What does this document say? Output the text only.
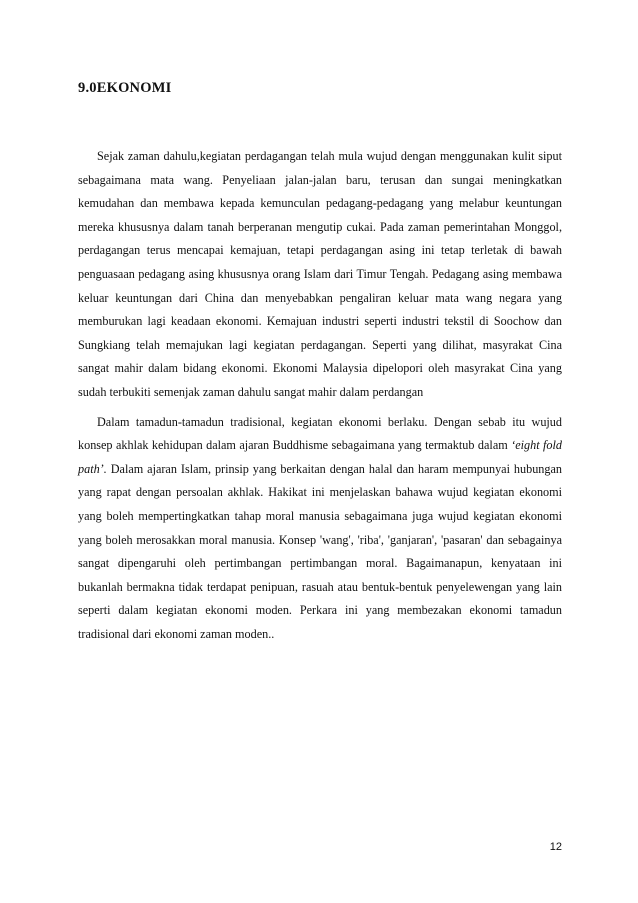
9.0EKONOMI

Sejak zaman dahulu,kegiatan perdagangan telah mula wujud dengan menggunakan kulit siput sebagaimana mata wang. Penyeliaan jalan-jalan baru, terusan dan sungai meningkatkan kemudahan dan membawa kepada kemunculan pedagang-pedagang yang melabur keuntungan mereka khususnya dalam tanah berperanan mengutip cukai. Pada zaman pemerintahan Monggol, perdagangan terus mencapai kemajuan, tetapi perdagangan asing ini tetap terletak di bawah penguasaan pedagang asing khususnya orang Islam dari Timur Tengah. Pedagang asing membawa keluar keuntungan dari China dan menyebabkan pengaliran keluar mata wang negara yang memburukan lagi keadaan ekonomi. Kemajuan industri seperti industri tekstil di Soochow dan Sungkiang telah memajukan lagi kegiatan perdagangan. Seperti yang dilihat, masyrakat Cina sangat mahir dalam bidang ekonomi. Ekonomi Malaysia dipelopori oleh masyrakat Cina yang sudah terbukiti semenjak zaman dahulu sangat mahir dalam perdangan

Dalam tamadun-tamadun tradisional, kegiatan ekonomi berlaku. Dengan sebab itu wujud konsep akhlak kehidupan dalam ajaran Buddhisme sebagaimana yang termaktub dalam ‘eight fold path’. Dalam ajaran Islam, prinsip yang berkaitan dengan halal dan haram mempunyai hubungan yang rapat dengan persoalan akhlak. Hakikat ini menjelaskan bahawa wujud kegiatan ekonomi yang boleh mempertingkatkan tahap moral manusia sebagaimana juga wujud kegiatan ekonomi yang boleh merosakkan moral manusia. Konsep 'wang', 'riba', 'ganjaran', 'pasaran' dan sebagainya sangat dipengaruhi oleh pertimbangan pertimbangan moral. Bagaimanapun, kenyataan ini bukanlah bermakna tidak terdapat penipuan, rasuah atau bentuk-bentuk penyelewengan yang lain seperti dalam kegiatan ekonomi moden. Perkara ini yang membezakan ekonomi tamadun tradisional dari ekonomi zaman moden..

12
